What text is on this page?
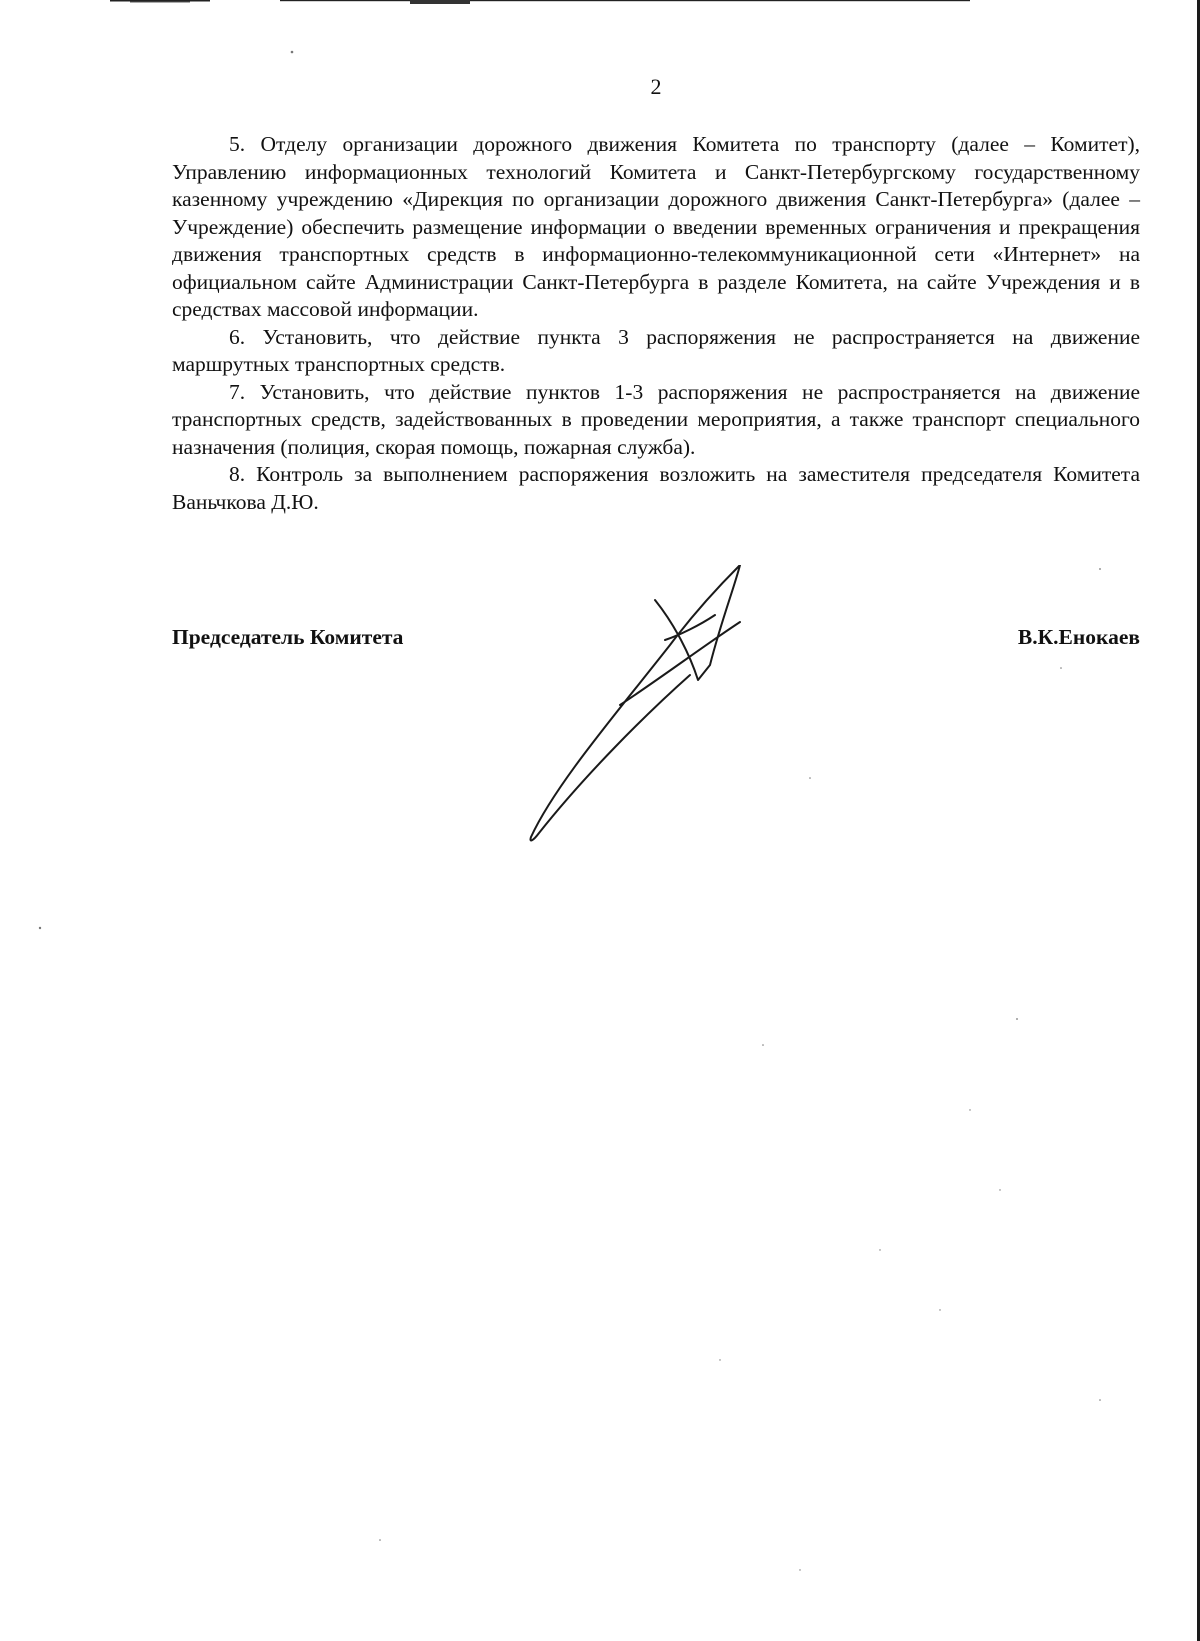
2

5. Отделу организации дорожного движения Комитета по транспорту (далее – Комитет), Управлению информационных технологий Комитета и Санкт-Петербургскому государственному казенному учреждению «Дирекция по организации дорожного движения Санкт-Петербурга» (далее – Учреждение) обеспечить размещение информации о введении временных ограничения и прекращения движения транспортных средств в информационно-телекоммуникационной сети «Интернет» на официальном сайте Администрации Санкт-Петербурга в разделе Комитета, на сайте Учреждения и в средствах массовой информации.

6. Установить, что действие пункта 3 распоряжения не распространяется на движение маршрутных транспортных средств.

7. Установить, что действие пунктов 1-3 распоряжения не распространяется на движение транспортных средств, задействованных в проведении мероприятия, а также транспорт специального назначения (полиция, скорая помощь, пожарная служба).

8. Контроль за выполнением распоряжения возложить на заместителя председателя Комитета Ваньчкова Д.Ю.

Председатель Комитета	В.К.Енокаев
